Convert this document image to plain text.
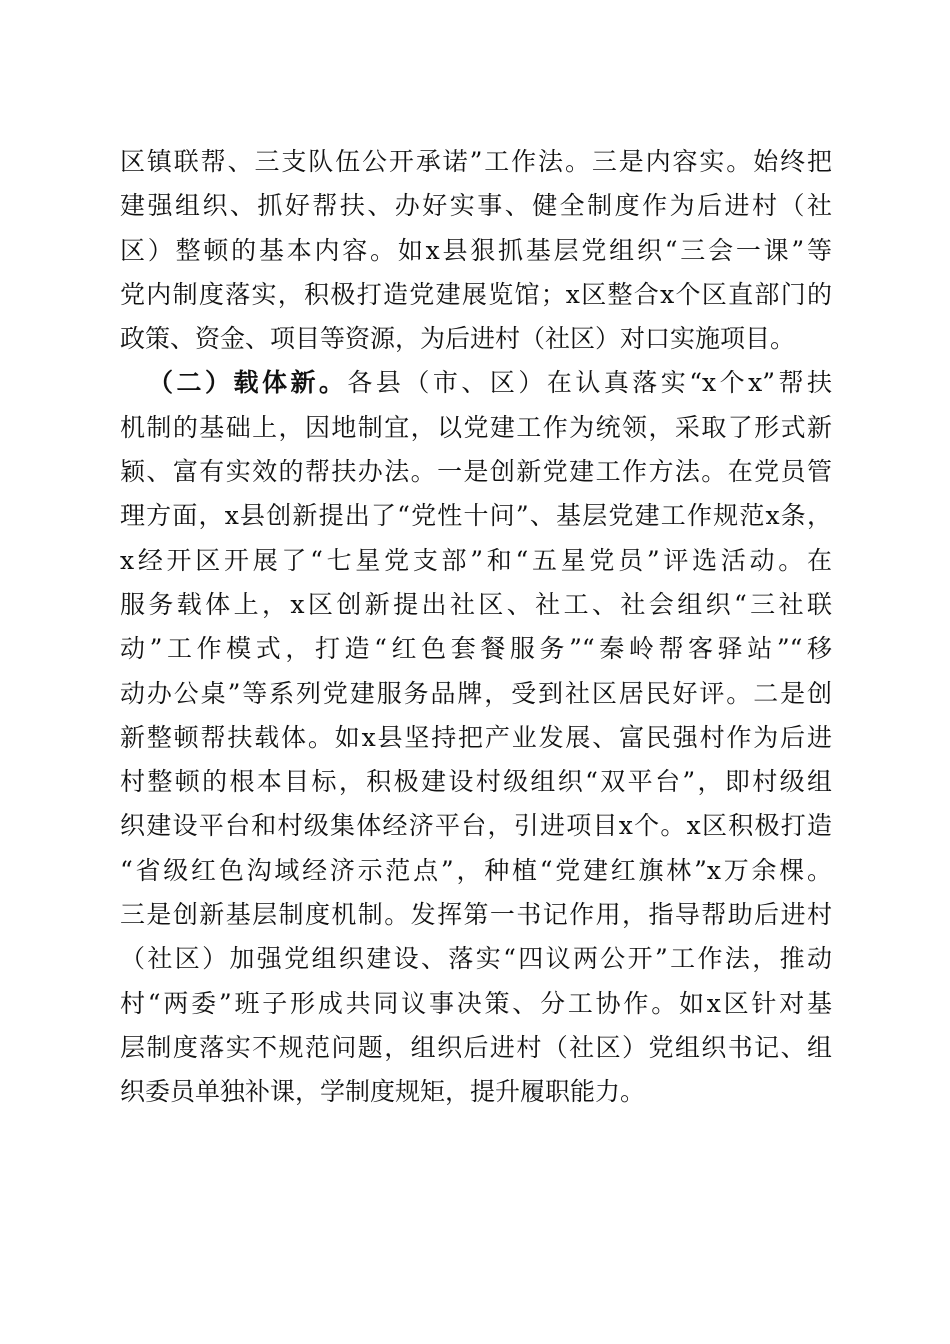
区镇联帮、三支队伍公开承诺”工作法。三是内容实。始终把
建强组织、抓好帮扶、办好实事、健全制度作为后进村（社
区）整顿的基本内容。如x县狠抓基层党组织“三会一课”等
党内制度落实，积极打造党建展览馆；x区整合x个区直部门的
政策、资金、项目等资源，为后进村（社区）对口实施项目。
（二）载体新。各县（市、区）在认真落实“x个x”帮扶
机制的基础上，因地制宜，以党建工作为统领，采取了形式新
颖、富有实效的帮扶办法。一是创新党建工作方法。在党员管
理方面，x县创新提出了“党性十问”、基层党建工作规范x条，
x经开区开展了“七星党支部”和“五星党员”评选活动。在
服务载体上，x区创新提出社区、社工、社会组织“三社联
动”工作模式，打造“红色套餐服务”“秦岭帮客驿站”“移
动办公桌”等系列党建服务品牌，受到社区居民好评。二是创
新整顿帮扶载体。如x县坚持把产业发展、富民强村作为后进
村整顿的根本目标，积极建设村级组织“双平台”，即村级组
织建设平台和村级集体经济平台，引进项目x个。x区积极打造
“省级红色沟域经济示范点”，种植“党建红旗林”x万余棵。
三是创新基层制度机制。发挥第一书记作用，指导帮助后进村
（社区）加强党组织建设、落实“四议两公开”工作法，推动
村“两委”班子形成共同议事决策、分工协作。如x区针对基
层制度落实不规范问题，组织后进村（社区）党组织书记、组
织委员单独补课，学制度规矩，提升履职能力。
